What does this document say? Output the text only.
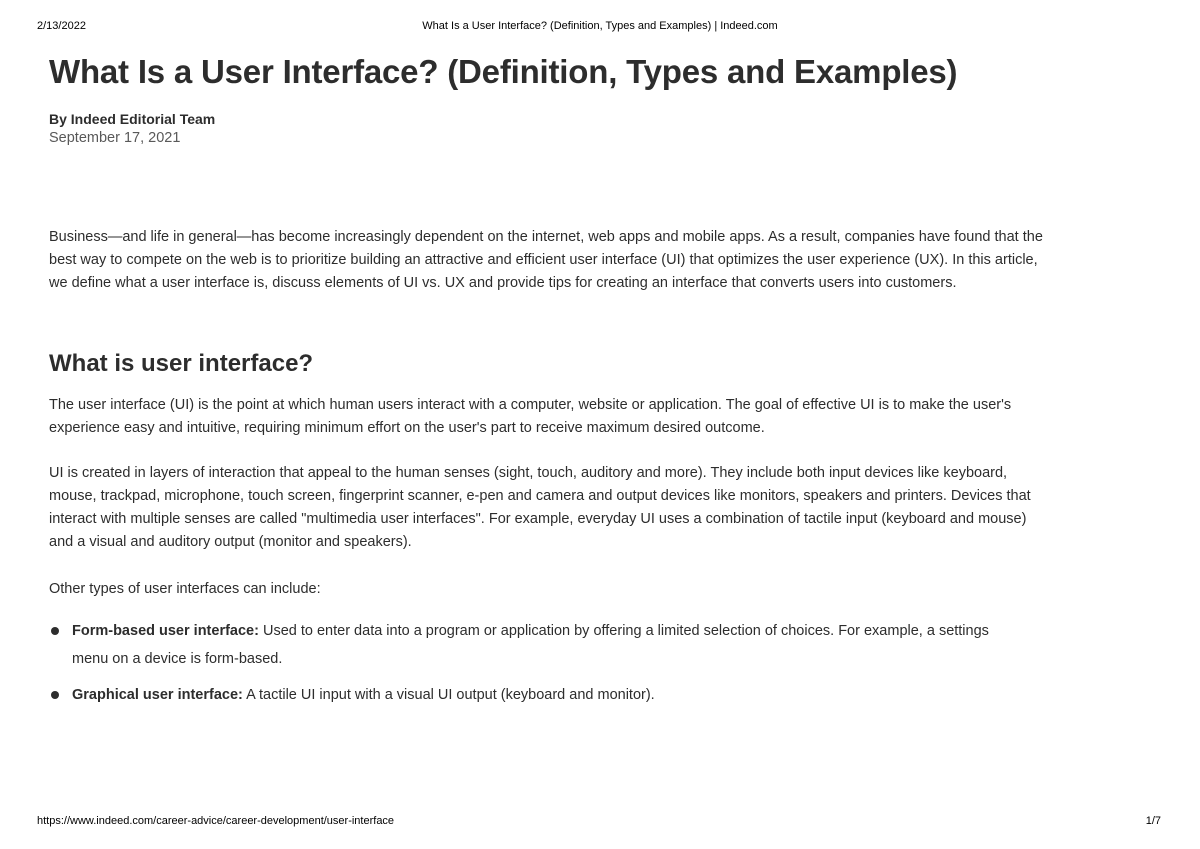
2/13/2022	What Is a User Interface? (Definition, Types and Examples) | Indeed.com
What Is a User Interface? (Definition, Types and Examples)
By Indeed Editorial Team
September 17, 2021

Business—and life in general—has become increasingly dependent on the internet, web apps and mobile apps. As a result, companies have found that the best way to compete on the web is to prioritize building an attractive and efficient user interface (UI) that optimizes the user experience (UX). In this article, we define what a user interface is, discuss elements of UI vs. UX and provide tips for creating an interface that converts users into customers.

What is user interface?

The user interface (UI) is the point at which human users interact with a computer, website or application. The goal of effective UI is to make the user's experience easy and intuitive, requiring minimum effort on the user's part to receive maximum desired outcome.

UI is created in layers of interaction that appeal to the human senses (sight, touch, auditory and more). They include both input devices like keyboard, mouse, trackpad, microphone, touch screen, fingerprint scanner, e-pen and camera and output devices like monitors, speakers and printers. Devices that interact with multiple senses are called "multimedia user interfaces". For example, everyday UI uses a combination of tactile input (keyboard and mouse) and a visual and auditory output (monitor and speakers).

Other types of user interfaces can include:

Form-based user interface: Used to enter data into a program or application by offering a limited selection of choices. For example, a settings menu on a device is form-based.
Graphical user interface: A tactile UI input with a visual UI output (keyboard and monitor).
https://www.indeed.com/career-advice/career-development/user-interface	1/7
